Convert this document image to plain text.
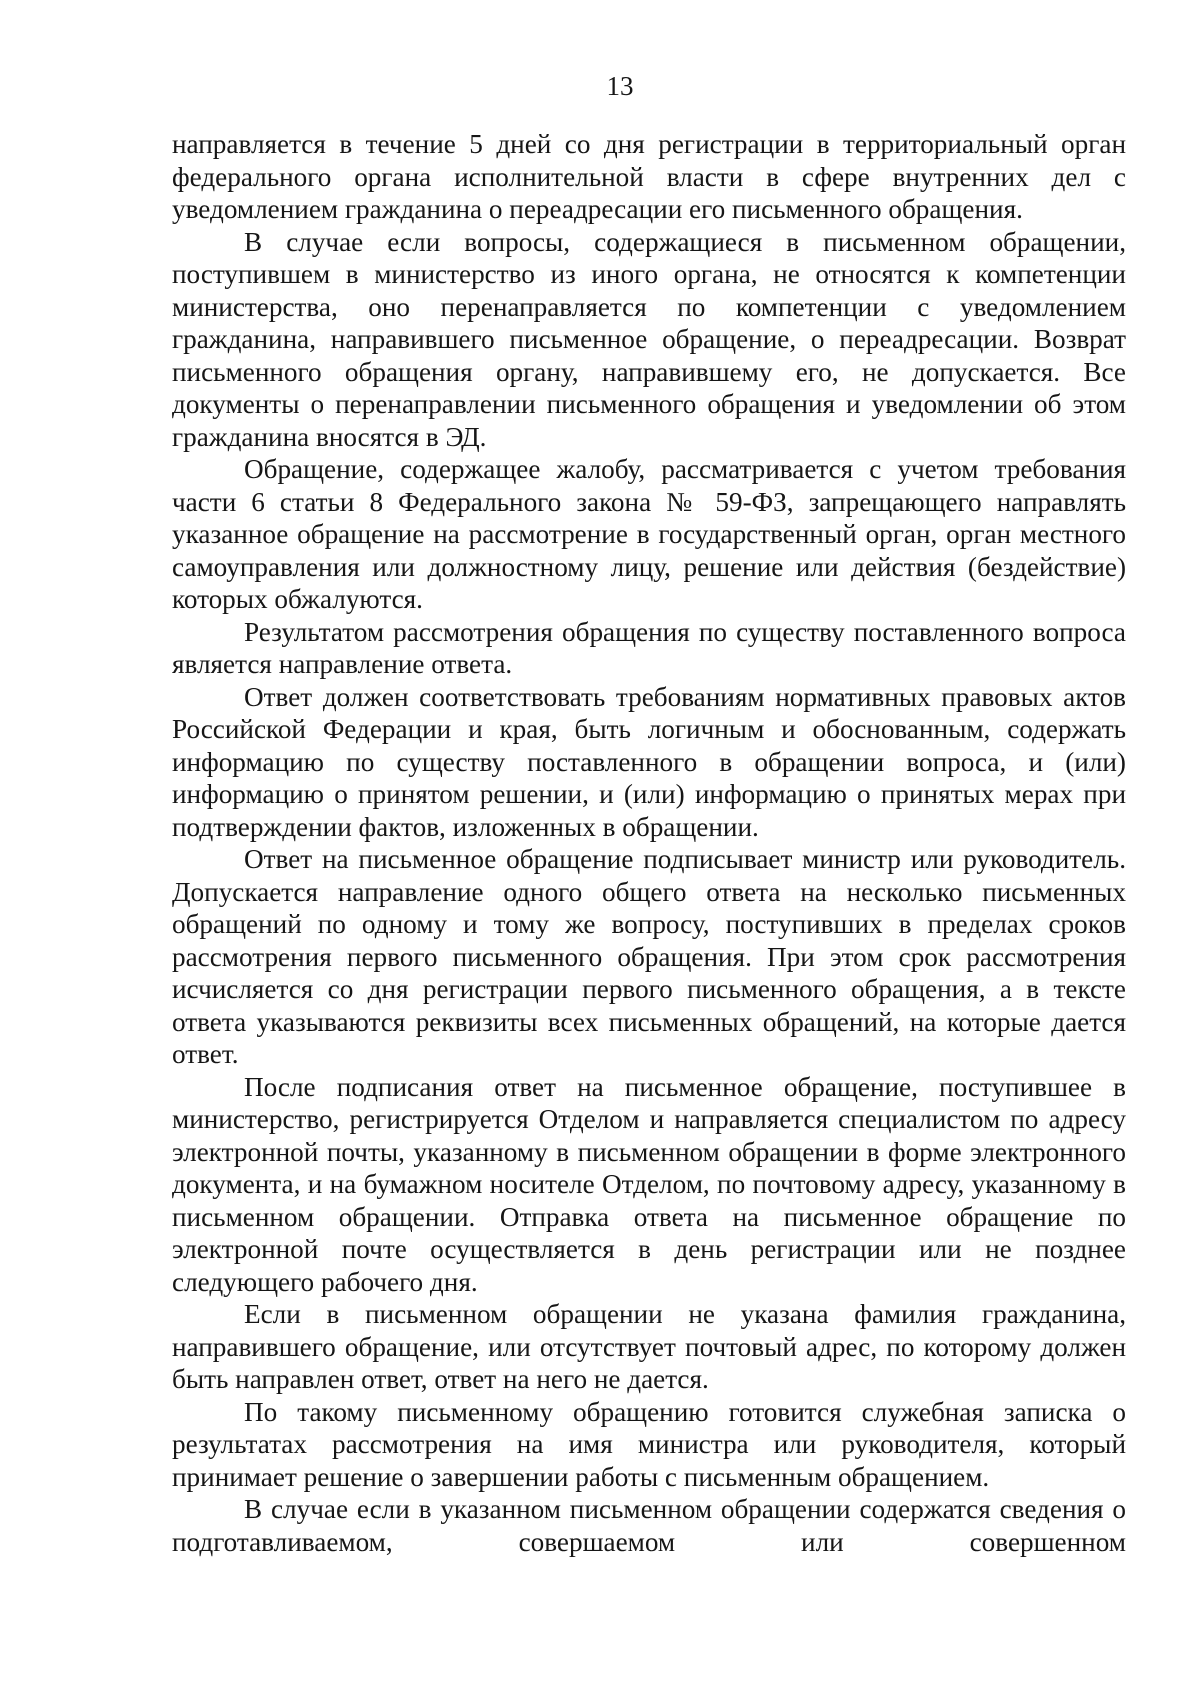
13

направляется в течение 5 дней со дня регистрации в территориальный орган федерального органа исполнительной власти в сфере внутренних дел с уведомлением гражданина о переадресации его письменного обращения.

В случае если вопросы, содержащиеся в письменном обращении, поступившем в министерство из иного органа, не относятся к компетенции министерства, оно перенаправляется по компетенции с уведомлением гражданина, направившего письменное обращение, о переадресации. Возврат письменного обращения органу, направившему его, не допускается. Все документы о перенаправлении письменного обращения и уведомлении об этом гражданина вносятся в ЭД.

Обращение, содержащее жалобу, рассматривается с учетом требования части 6 статьи 8 Федерального закона № 59-ФЗ, запрещающего направлять указанное обращение на рассмотрение в государственный орган, орган местного самоуправления или должностному лицу, решение или действия (бездействие) которых обжалуются.

Результатом рассмотрения обращения по существу поставленного вопроса является направление ответа.

Ответ должен соответствовать требованиям нормативных правовых актов Российской Федерации и края, быть логичным и обоснованным, содержать информацию по существу поставленного в обращении вопроса, и (или) информацию о принятом решении, и (или) информацию о принятых мерах при подтверждении фактов, изложенных в обращении.

Ответ на письменное обращение подписывает министр или руководитель. Допускается направление одного общего ответа на несколько письменных обращений по одному и тому же вопросу, поступивших в пределах сроков рассмотрения первого письменного обращения. При этом срок рассмотрения исчисляется со дня регистрации первого письменного обращения, а в тексте ответа указываются реквизиты всех письменных обращений, на которые дается ответ.

После подписания ответ на письменное обращение, поступившее в министерство, регистрируется Отделом и направляется специалистом по адресу электронной почты, указанному в письменном обращении в форме электронного документа, и на бумажном носителе Отделом, по почтовому адресу, указанному в письменном обращении. Отправка ответа на письменное обращение по электронной почте осуществляется в день регистрации или не позднее следующего рабочего дня.

Если в письменном обращении не указана фамилия гражданина, направившего обращение, или отсутствует почтовый адрес, по которому должен быть направлен ответ, ответ на него не дается.

По такому письменному обращению готовится служебная записка о результатах рассмотрения на имя министра или руководителя, который принимает решение о завершении работы с письменным обращением.

В случае если в указанном письменном обращении содержатся сведения о подготавливаемом, совершаемом или совершенном
